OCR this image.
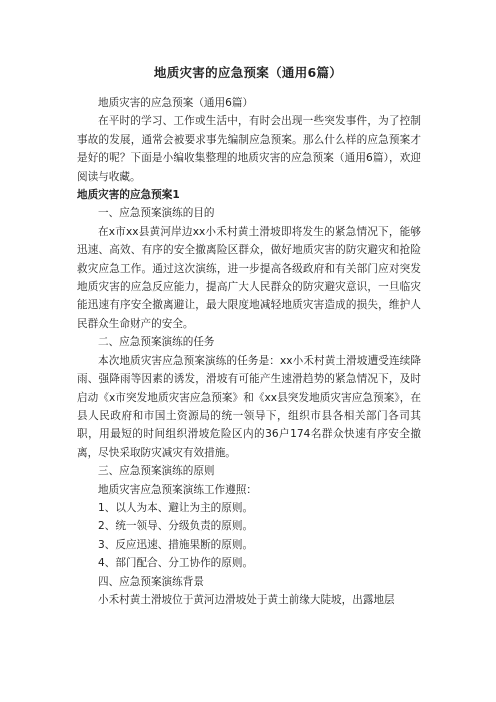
地质灾害的应急预案（通用6篇）

地质灾害的应急预案（通用6篇）

在平时的学习、工作或生活中，有时会出现一些突发事件，为了控制事故的发展，通常会被要求事先编制应急预案。那么什么样的应急预案才是好的呢？下面是小编收集整理的地质灾害的应急预案（通用6篇），欢迎阅读与收藏。

地质灾害的应急预案1

一、应急预案演练的目的

在x市xx县黄河岸边xx小禾村黄土滑坡即将发生的紧急情况下，能够迅速、高效、有序的安全撤离险区群众，做好地质灾害的防灾避灾和抢险救灾应急工作。通过这次演练，进一步提高各级政府和有关部门应对突发地质灾害的应急反应能力，提高广大人民群众的防灾避灾意识，一旦临灾能迅速有序安全撤离避让，最大限度地减轻地质灾害造成的损失，维护人民群众生命财产的安全。

二、应急预案演练的任务

本次地质灾害应急预案演练的任务是：xx小禾村黄土滑坡遭受连续降雨、强降雨等因素的诱发，滑坡有可能产生速滑趋势的紧急情况下，及时启动《x市突发地质灾害应急预案》和《xx县突发地质灾害应急预案》，在县人民政府和市国土资源局的统一领导下，组织市县各相关部门各司其职，用最短的时间组织滑坡危险区内的36户174名群众快速有序安全撤离，尽快采取防灾减灾有效措施。

三、应急预案演练的原则

地质灾害应急预案演练工作遵照：

1、以人为本、避让为主的原则。

2、统一领导、分级负责的原则。

3、反应迅速、措施果断的原则。

4、部门配合、分工协作的原则。

四、应急预案演练背景

小禾村黄土滑坡位于黄河边滑坡处于黄土前缘大陡坡，出露地层
